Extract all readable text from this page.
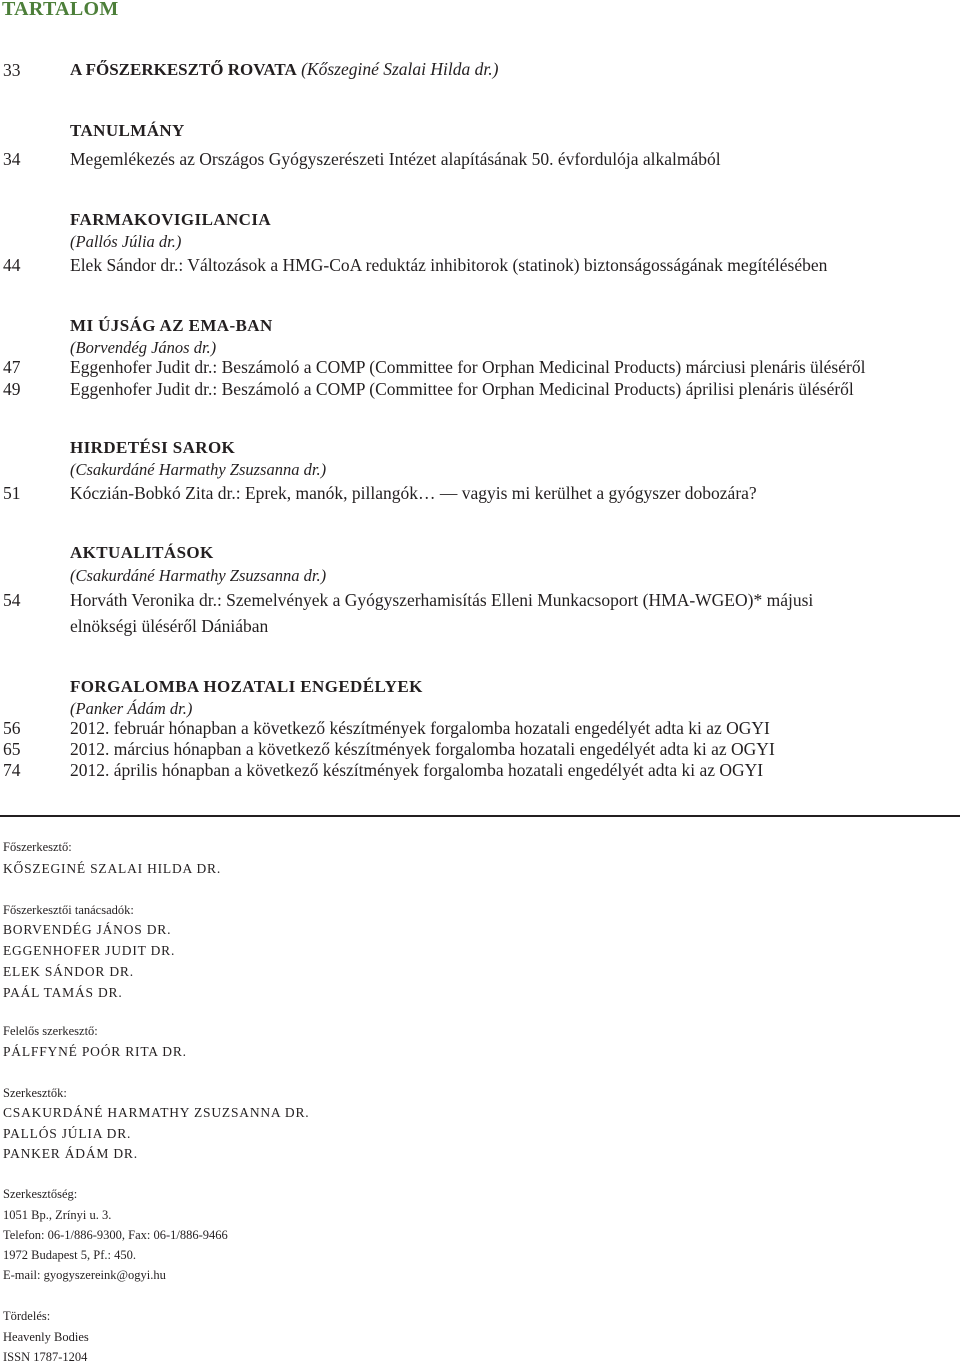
TARTALOM
33	A FŐSZERKESZTŐ ROVATA (Kőszeginé Szalai Hilda dr.)
TANULMÁNY
34	Megemlékezés az Országos Gyógyszerészeti Intézet alapításának 50. évfordulója alkalmából
FARMAKOVIGILANCIA
(Pallós Júlia dr.)
44	Elek Sándor dr.: Változások a HMG-CoA reduktáz inhibitorok (statinok) biztonságosságának megítélésében
MI ÚJSÁG AZ EMA-BAN
(Borvendég János dr.)
47	Eggenhofer Judit dr.: Beszámoló a COMP (Committee for Orphan Medicinal Products) márciusi plenáris üléséről
49	Eggenhofer Judit dr.: Beszámoló a COMP (Committee for Orphan Medicinal Products) áprilisi plenáris üléséről
HIRDETÉSI SAROK
(Csakurdáné Harmathy Zsuzsanna dr.)
51	Kóczián-Bobkó Zita dr.: Eprek, manók, pillangók… — vagyis mi kerülhet a gyógyszer dobozára?
AKTUALITÁSOK
(Csakurdáné Harmathy Zsuzsanna dr.)
54	Horváth Veronika dr.: Szemelvények a Gyógyszerhamisítás Elleni Munkacsoport (HMA-WGEO)* májusi
elnökségi üléséről Dániában
FORGALOMBA HOZATALI ENGEDÉLYEK
(Panker Ádám dr.)
56	2012. február hónapban a következő készítmények forgalomba hozatali engedélyét adta ki az OGYI
65	2012. március hónapban a következő készítmények forgalomba hozatali engedélyét adta ki az OGYI
74	2012. április hónapban a következő készítmények forgalomba hozatali engedélyét adta ki az OGYI
Főszerkesztő:
KŐSZEGINÉ SZALAI HILDA DR.
Főszerkesztői tanácsadók:
BORVENDÉG JÁNOS DR.
EGGENHOFER JUDIT DR.
ELEK SÁNDOR DR.
PAÁL TAMÁS DR.
Felelős szerkesztő:
PÁLFFYNÉ POÓR RITA DR.
Szerkesztők:
CSAKURDÁNÉ HARMATHY ZSUZSANNA DR.
PALLÓS JÚLIA DR.
PANKER ÁDÁM DR.
Szerkesztőség:
1051 Bp., Zrínyi u. 3.
Telefon: 06-1/886-9300, Fax: 06-1/886-9466
1972 Budapest 5, Pf.: 450.
E-mail: gyogyszereink@ogyi.hu
Tördelés:
Heavenly Bodies
ISSN 1787-1204
